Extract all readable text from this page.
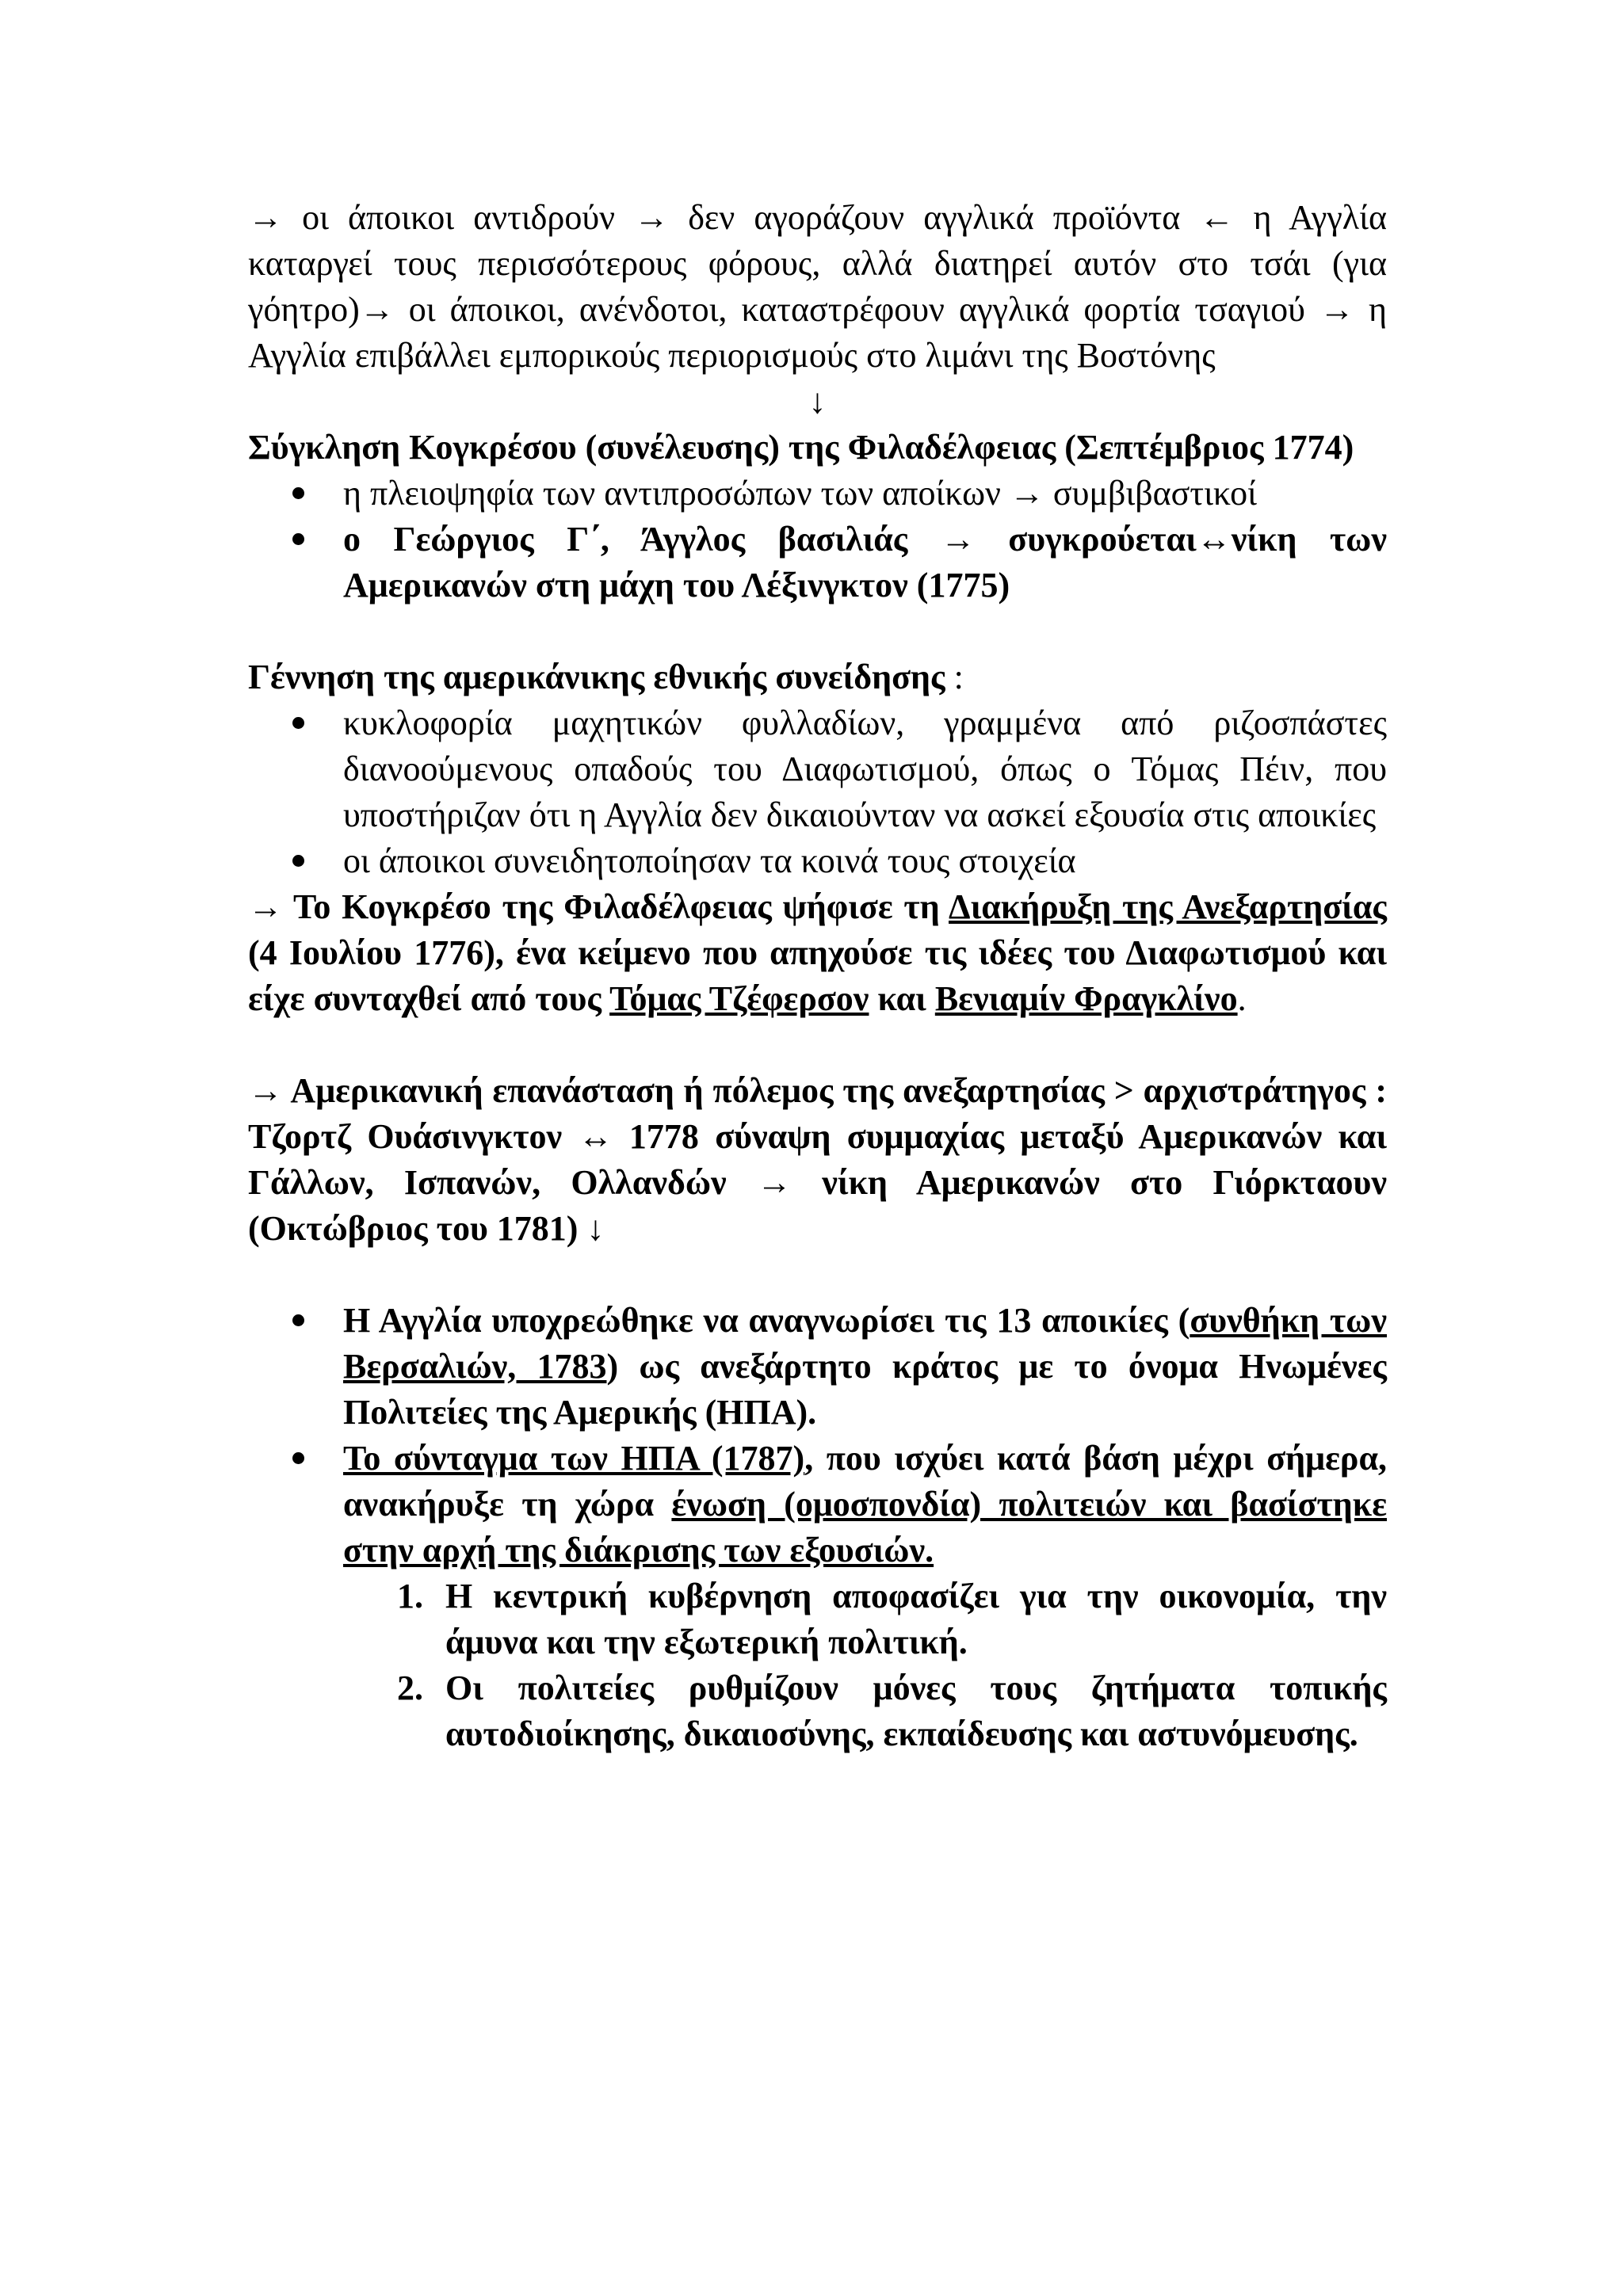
→ οι άποικοι αντιδρούν → δεν αγοράζουν αγγλικά προϊόντα ← η Αγγλία καταργεί τους περισσότερους φόρους, αλλά διατηρεί αυτόν στο τσάι (για γόητρο)→ οι άποικοι, ανένδοτοι, καταστρέφουν αγγλικά φορτία τσαγιού → η Αγγλία επιβάλλει εμπορικούς περιορισμούς στο λιμάνι της Βοστόνης

↓

Σύγκληση Κογκρέσου (συνέλευσης) της Φιλαδέλφειας (Σεπτέμβριος 1774)

η πλειοψηφία των αντιπροσώπων των αποίκων → συμβιβαστικοί
ο Γεώργιος Γ΄, Άγγλος βασιλιάς → συγκρούεται↔νίκη των Αμερικανών στη μάχη του Λέξινγκτον (1775)

Γέννηση της αμερικάνικης εθνικής συνείδησης :

κυκλοφορία μαχητικών φυλλαδίων, γραμμένα από ριζοσπάστες διανοούμενους οπαδούς του Διαφωτισμού, όπως ο Τόμας Πέιν, που υποστήριζαν ότι η Αγγλία δεν δικαιούνταν να ασκεί εξουσία στις αποικίες
οι άποικοι συνειδητοποίησαν τα κοινά τους στοιχεία

→ Το Κογκρέσο της Φιλαδέλφειας ψήφισε τη Διακήρυξη της Ανεξαρτησίας (4 Ιουλίου 1776), ένα κείμενο που απηχούσε τις ιδέες του Διαφωτισμού και είχε συνταχθεί από τους Τόμας Τζέφερσον και Βενιαμίν Φραγκλίνο.

→ Αμερικανική επανάσταση ή πόλεμος της ανεξαρτησίας ˃ αρχιστράτηγος : Τζορτζ Ουάσινγκτον ↔ 1778 σύναψη συμμαχίας μεταξύ Αμερικανών και Γάλλων, Ισπανών, Ολλανδών → νίκη Αμερικανών στο Γιόρκταουν (Οκτώβριος του 1781) ↓

Η Αγγλία υποχρεώθηκε να αναγνωρίσει τις 13 αποικίες (συνθήκη των Βερσαλιών, 1783) ως ανεξάρτητο κράτος με το όνομα Ηνωμένες Πολιτείες της Αμερικής (ΗΠΑ).
Το σύνταγμα των ΗΠΑ (1787), που ισχύει κατά βάση μέχρι σήμερα, ανακήρυξε τη χώρα ένωση (ομοσπονδία) πολιτειών και βασίστηκε στην αρχή της διάκρισης των εξουσιών.
1. Η κεντρική κυβέρνηση αποφασίζει για την οικονομία, την άμυνα και την εξωτερική πολιτική.
2. Οι πολιτείες ρυθμίζουν μόνες τους ζητήματα τοπικής αυτοδιοίκησης, δικαιοσύνης, εκπαίδευσης και αστυνόμευσης.
